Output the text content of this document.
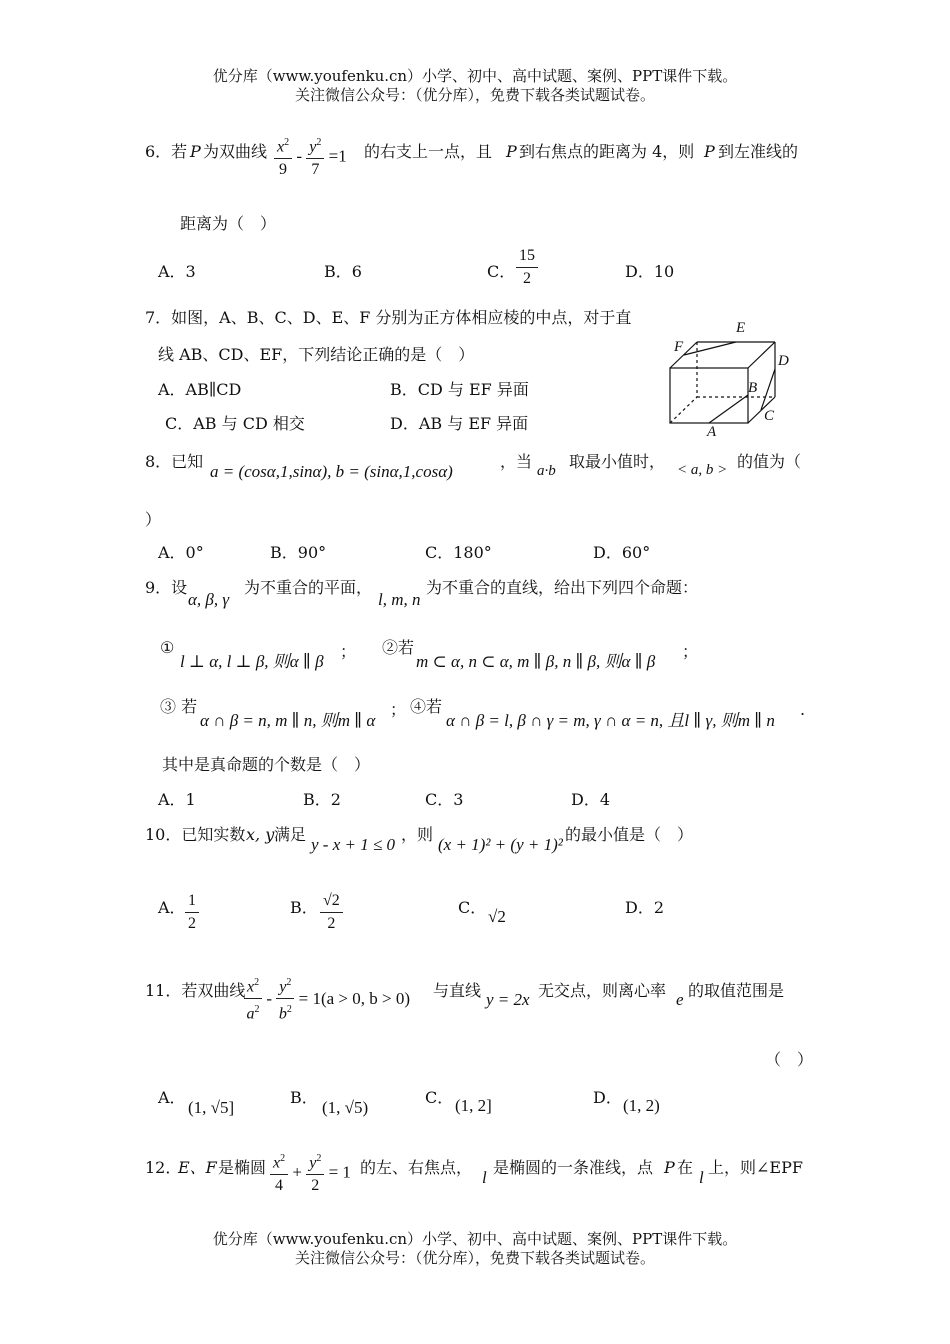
优分库（www.youfenku.cn）小学、初中、高中试题、案例、PPT课件下载。
关注微信公众号：（优分库），免费下载各类试题试卷。
6．若 P 为双曲线 $\frac{x^2}{9} - \frac{y^2}{7} =1$ 的右支上一点，且 P 到右焦点的距离为 4，则 P 到左准线的
距离为（　）
A．3	B．6	C． $\frac{15}{2}$	D．10
7．如图，A、B、C、D、E、F 分别为正方体相应棱的中点，对于直
线 AB、CD、EF，下列结论正确的是（　）
A．AB∥CD	B．CD 与 EF 异面
C．AB 与 CD 相交	D．AB 与 EF 异面
E
F
D
B
C
A
8．已知
a = (cosα,1,sinα), b = (sinα,1,cosα)
，当 a·b 取最小值时， < a, b > 的值为（
）
A．0°	B．90°	C．180°	D．60°
9．设
α, β, γ
为不重合的平面，
l, m, n
为不重合的直线，给出下列四个命题：
①
l ⊥ α, l ⊥ β, 则α ∥ β
； ②若
m ⊂ α, n ⊂ α, m ∥ β, n ∥ β, 则α ∥ β
；
③ 若
α ∩ β = n, m ∥ n, 则m ∥ α
； ④若
α ∩ β = l, β ∩ γ = m, γ ∩ α = n, 且l ∥ γ, 则m ∥ n
.
其中是真命题的个数是（　）
A．1	B．2	C．3	D．4
10．已知实数 x, y 满足
y - x + 1 ≤ 0
，则
(x + 1)² + (y + 1)²
的最小值是（　）
A． $\frac{1}{2}$	B． $\frac{√2}{2}$	C． √2	D．2
11．若双曲线
$\frac{x^2}{a^2} - \frac{y^2}{b^2} = 1(a > 0$, b > 0) 与直线 y = 2x 无交点，则离心率 e 的取值范围是
（　）
A．
(1, √5]
B．
(1, √5)
C． (1, 2]	D． (1, 2)
12．
E、F 是椭圆 $\frac{x^2}{4} + \frac{y^2}{2} = 1$ 的左、右焦点，
l
是椭圆的一条准线，点 P 在
l
上，则∠EPF
优分库（www.youfenku.cn）小学、初中、高中试题、案例、PPT课件下载。
关注微信公众号：（优分库），免费下载各类试题试卷。
